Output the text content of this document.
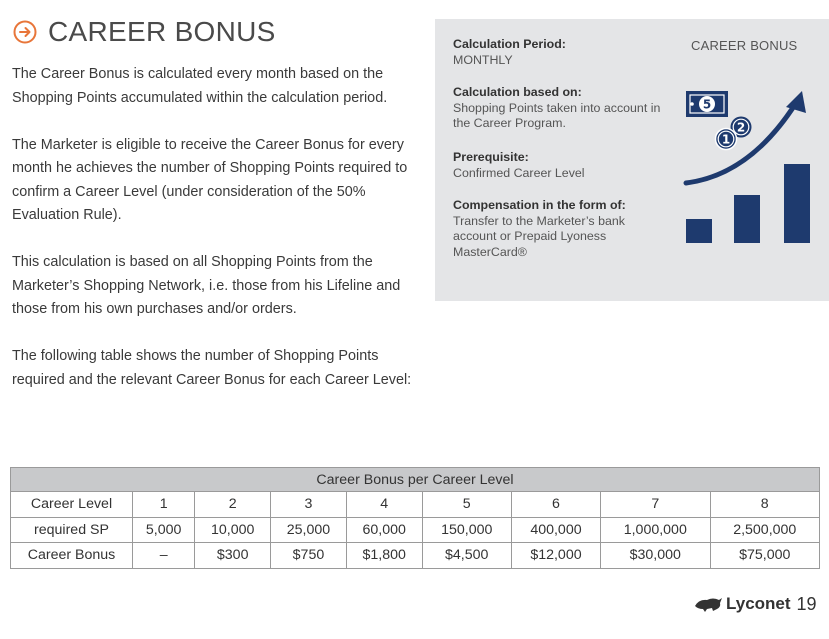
CAREER BONUS

The Career Bonus is calculated every month based on the Shopping Points accumulated within the calculation period.

The Marketer is eligible to receive the Career Bonus for every month he achieves the number of Shopping Points required to confirm a Career Level (under consideration of the 50% Evaluation Rule).

This calculation is based on all Shopping Points from the Marketer’s Shopping Network, i.e. those from his Lifeline and those from his own purchases and/or orders.

The following table shows the number of Shopping Points required and the relevant Career Bonus for each Career Level:

CAREER BONUS
Calculation Period:
MONTHLY
Calculation based on:
Shopping Points taken into account in the Career Program.
Prerequisite:
Confirmed Career Level
Compensation in the form of:
Transfer to the Marketer’s bank account or Prepaid Lyoness MasterCard®
5
2
1
Career Bonus per Career Level								
Career Level	1	2	3	4	5	6	7	8
required SP	5,000	10,000	25,000	60,000	150,000	400,000	1,000,000	2,500,000
Career Bonus	–	$300	$750	$1,800	$4,500	$12,000	$30,000	$75,000
Lyconet 19
